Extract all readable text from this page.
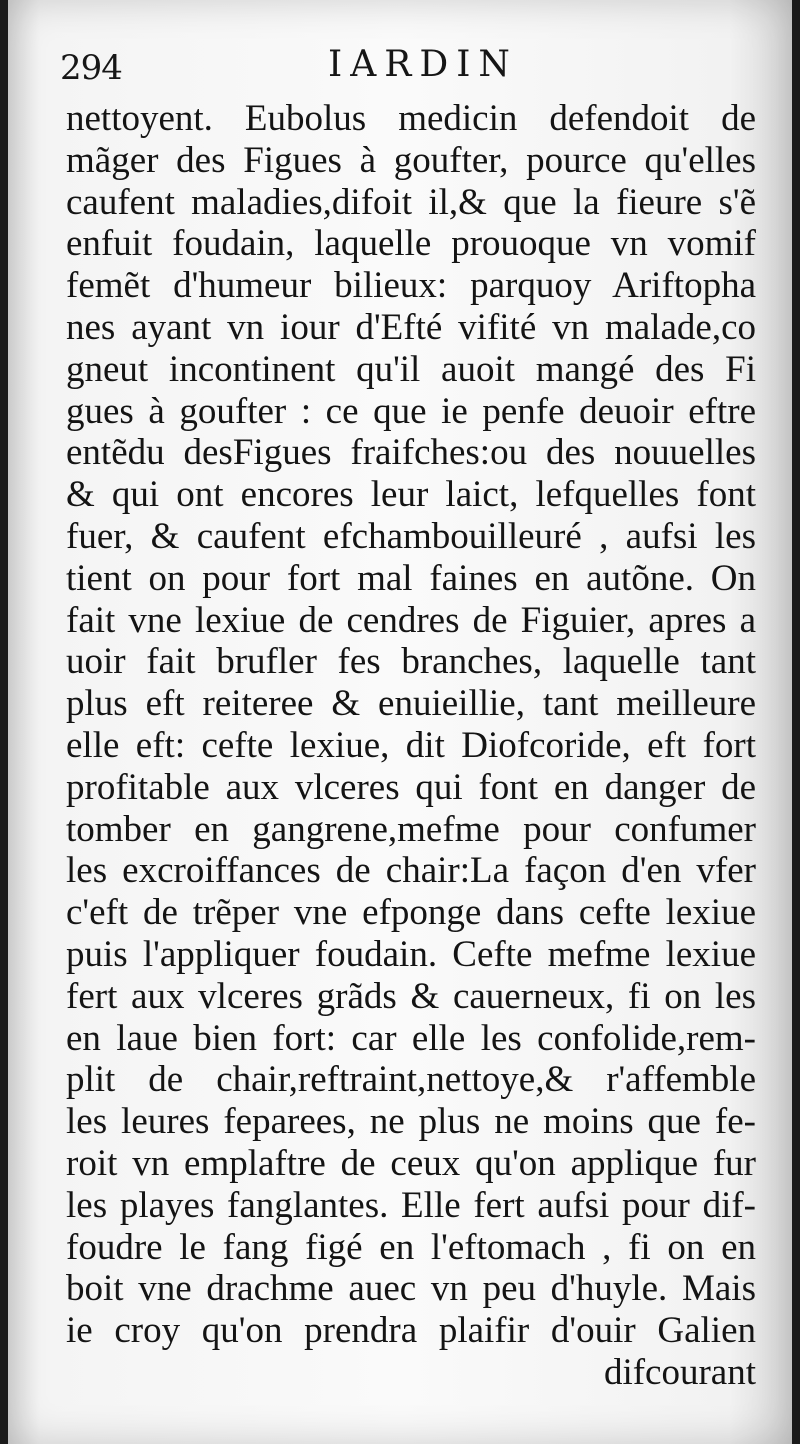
294	IARDIN
nettoyent. Eubolus medicin defendoit de
mãger des Figues à goufter, pource qu'elles
caufent maladies,difoit il,& que la fieure s'ẽ
enfuit foudain, laquelle prouoque vn vomif
femẽt d'humeur bilieux: parquoy Ariftopha
nes ayant vn iour d'Efté vifité vn malade,co
gneut incontinent qu'il auoit mangé des Fi
gues à goufter : ce que ie penfe deuoir eftre
entẽdu desFigues fraifches:ou des nouuelles
& qui ont encores leur laict, lefquelles font
fuer, & caufent efchambouilleuré , aufsi les
tient on pour fort mal faines en autõne. On
fait vne lexiue de cendres de Figuier, apres a
uoir fait brufler fes branches, laquelle tant
plus eft reiteree & enuieillie, tant meilleure
elle eft: cefte lexiue, dit Diofcoride, eft fort
profitable aux vlceres qui font en danger de
tomber en gangrene,mefme pour confumer
les excroiffances de chair:La façon d'en vfer
c'eft de trẽper vne efponge dans cefte lexiue
puis l'appliquer foudain. Cefte mefme lexiue
fert aux vlceres grãds & cauerneux, fi on les
en laue bien fort: car elle les confolide,rem-
plit de chair,reftraint,nettoye,& r'affemble
les leures feparees, ne plus ne moins que fe-
roit vn emplaftre de ceux qu'on applique fur
les playes fanglantes. Elle fert aufsi pour dif-
foudre le fang figé en l'eftomach , fi on en
boit vne drachme auec vn peu d'huyle. Mais
ie croy qu'on prendra plaifir d'ouir Galien
difcourant
